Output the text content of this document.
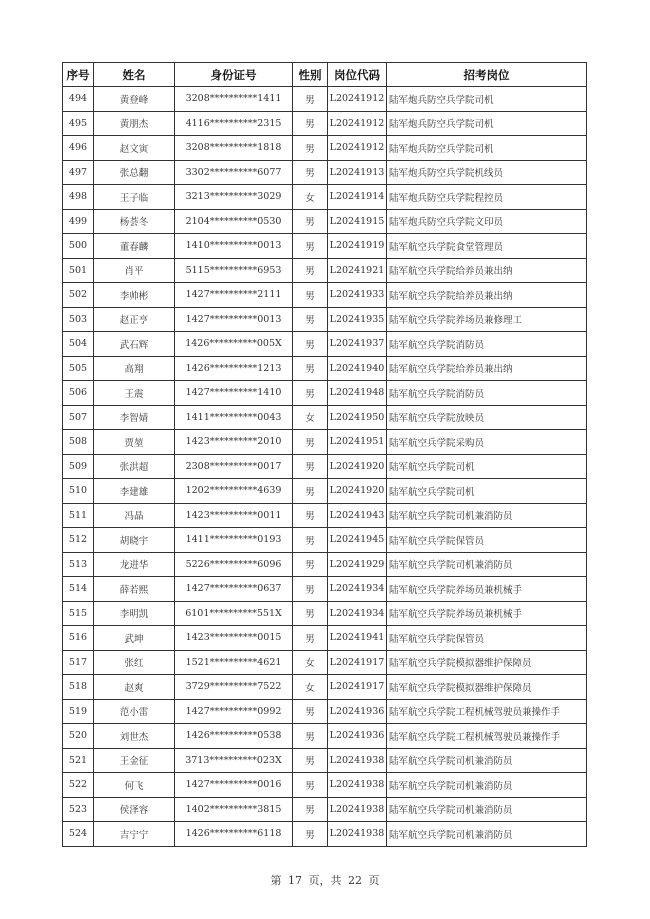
序号	姓名	身份证号	性别	岗位代码	招考岗位
494	黄登峰	3208**********1411	男	L20241912	陆军炮兵防空兵学院司机
495	黄朋杰	4116**********2315	男	L20241912	陆军炮兵防空兵学院司机
496	赵文寅	3208**********1818	男	L20241912	陆军炮兵防空兵学院司机
497	张总翻	3302**********6077	男	L20241913	陆军炮兵防空兵学院机线员
498	王子临	3213**********3029	女	L20241914	陆军炮兵防空兵学院程控员
499	杨荟冬	2104**********0530	男	L20241915	陆军炮兵防空兵学院文印员
500	董春麟	1410**********0013	男	L20241919	陆军航空兵学院食堂管理员
501	肖平	5115**********6953	男	L20241921	陆军航空兵学院给养员兼出纳
502	李帅彬	1427**********2111	男	L20241933	陆军航空兵学院给养员兼出纳
503	赵正亨	1427**********0013	男	L20241935	陆军航空兵学院养场员兼修理工
504	武石辉	1426**********005X	男	L20241937	陆军航空兵学院消防员
505	高翔	1426**********1213	男	L20241940	陆军航空兵学院给养员兼出纳
506	王震	1427**********1410	男	L20241948	陆军航空兵学院消防员
507	李智婧	1411**********0043	女	L20241950	陆军航空兵学院放映员
508	贾堃	1423**********2010	男	L20241951	陆军航空兵学院采购员
509	张洪超	2308**********0017	男	L20241920	陆军航空兵学院司机
510	李建雄	1202**********4639	男	L20241920	陆军航空兵学院司机
511	冯晶	1423**********0011	男	L20241943	陆军航空兵学院司机兼消防员
512	胡晓宇	1411**********0193	男	L20241945	陆军航空兵学院保管员
513	龙进华	5226**********6096	男	L20241929	陆军航空兵学院司机兼消防员
514	薛若熙	1427**********0637	男	L20241934	陆军航空兵学院养场员兼机械手
515	李明凯	6101**********551X	男	L20241934	陆军航空兵学院养场员兼机械手
516	武坤	1423**********0015	男	L20241941	陆军航空兵学院保管员
517	张红	1521**********4621	女	L20241917	陆军航空兵学院模拟器维护保障员
518	赵爽	3729**********7522	女	L20241917	陆军航空兵学院模拟器维护保障员
519	范小雷	1427**********0992	男	L20241936	陆军航空兵学院工程机械驾驶员兼操作手
520	刘世杰	1426**********0538	男	L20241936	陆军航空兵学院工程机械驾驶员兼操作手
521	王金征	3713**********023X	男	L20241938	陆军航空兵学院司机兼消防员
522	何飞	1427**********0016	男	L20241938	陆军航空兵学院司机兼消防员
523	侯泽容	1402**********3815	男	L20241938	陆军航空兵学院司机兼消防员
524	吉宁宁	1426**********6118	男	L20241938	陆军航空兵学院司机兼消防员
第 17 页，共 22 页
